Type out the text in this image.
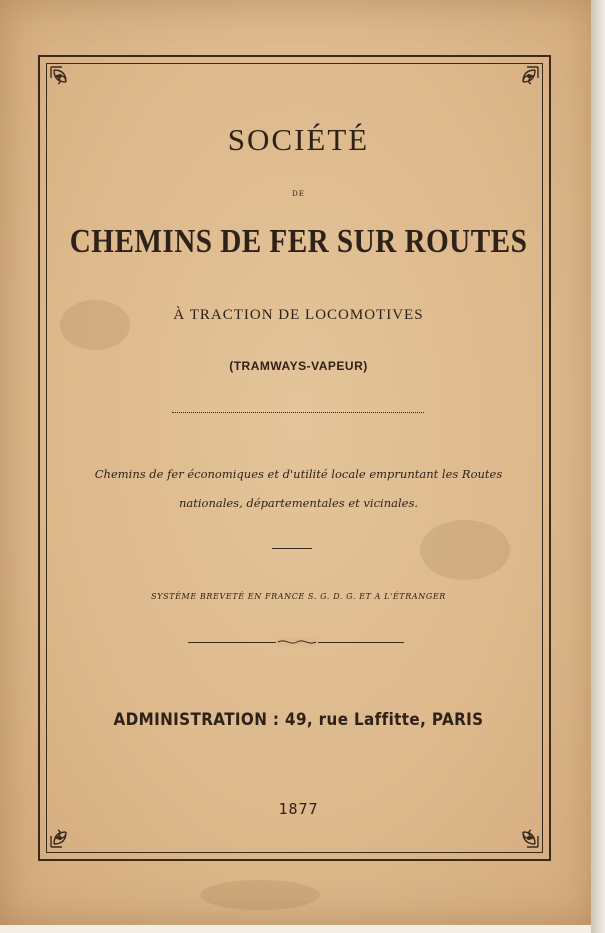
SOCIÉTÉ
DE
CHEMINS DE FER SUR ROUTES
À TRACTION DE LOCOMOTIVES
(TRAMWAYS-VAPEUR)
Chemins de fer économiques et d'utilité locale empruntant les Routes
nationales, départementales et vicinales.
SYSTÈME BREVETÉ EN FRANCE S. G. D. G. ET A L'ÉTRANGER
ADMINISTRATION : 49, rue Laffitte, PARIS
1877
